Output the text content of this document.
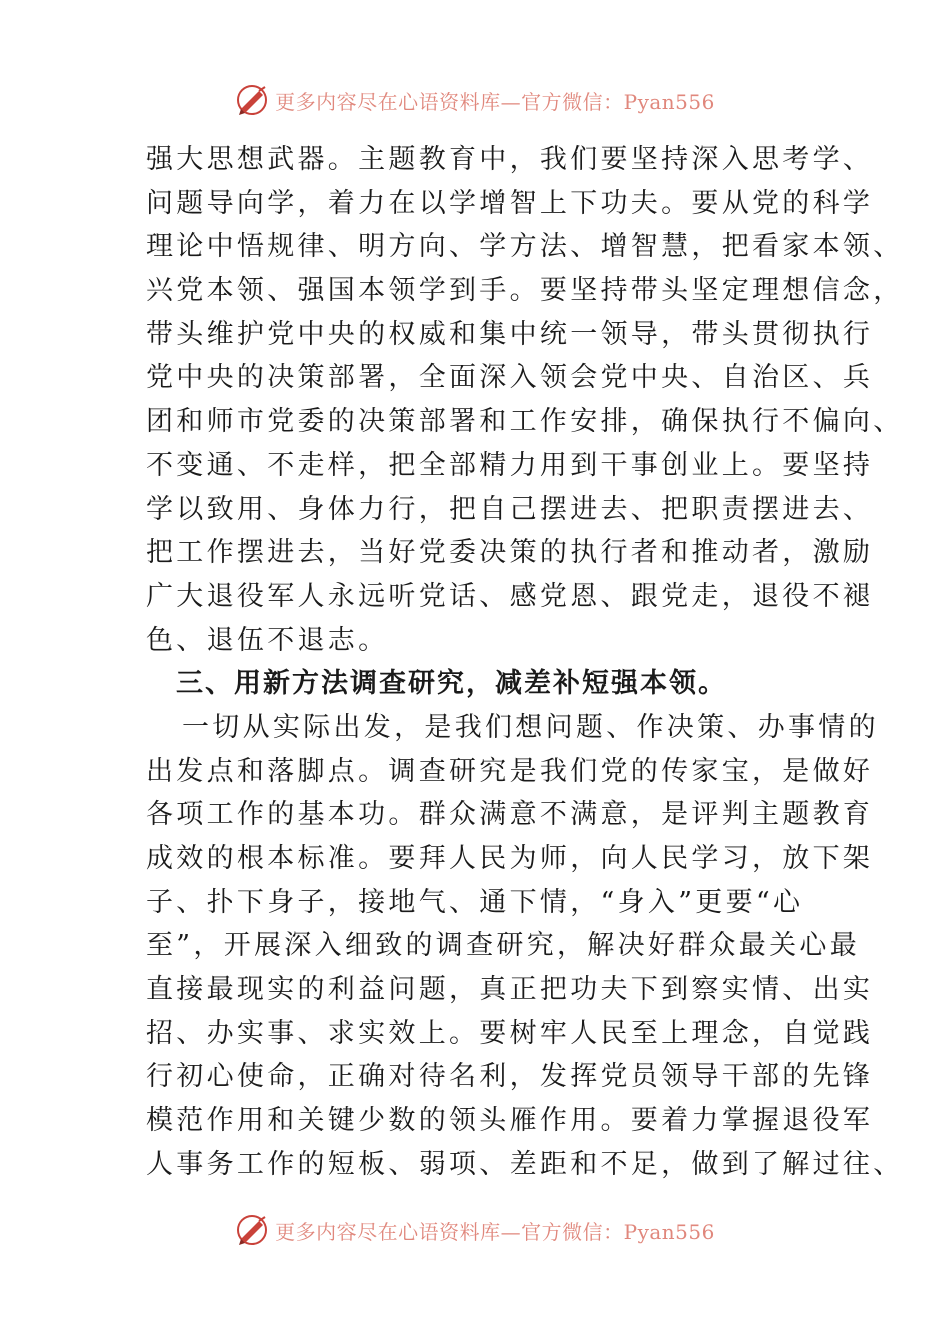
更多内容尽在心语资料库—官方微信：Pyan556
强大思想武器。主题教育中，我们要坚持深入思考学、
问题导向学，着力在以学增智上下功夫。要从党的科学
理论中悟规律、明方向、学方法、增智慧，把看家本领、
兴党本领、强国本领学到手。要坚持带头坚定理想信念，
带头维护党中央的权威和集中统一领导，带头贯彻执行
党中央的决策部署，全面深入领会党中央、自治区、兵
团和师市党委的决策部署和工作安排，确保执行不偏向、
不变通、不走样，把全部精力用到干事创业上。要坚持
学以致用、身体力行，把自己摆进去、把职责摆进去、
把工作摆进去，当好党委决策的执行者和推动者，激励
广大退役军人永远听党话、感党恩、跟党走，退役不褪
色、退伍不退志。
三、用新方法调查研究，减差补短强本领。
一切从实际出发，是我们想问题、作决策、办事情的
出发点和落脚点。调查研究是我们党的传家宝，是做好
各项工作的基本功。群众满意不满意，是评判主题教育
成效的根本标准。要拜人民为师，向人民学习，放下架
子、扑下身子，接地气、通下情，“身入”更要“心
至”，开展深入细致的调查研究，解决好群众最关心最
直接最现实的利益问题，真正把功夫下到察实情、出实
招、办实事、求实效上。要树牢人民至上理念，自觉践
行初心使命，正确对待名利，发挥党员领导干部的先锋
模范作用和关键少数的领头雁作用。要着力掌握退役军
人事务工作的短板、弱项、差距和不足，做到了解过往、
更多内容尽在心语资料库—官方微信：Pyan556
